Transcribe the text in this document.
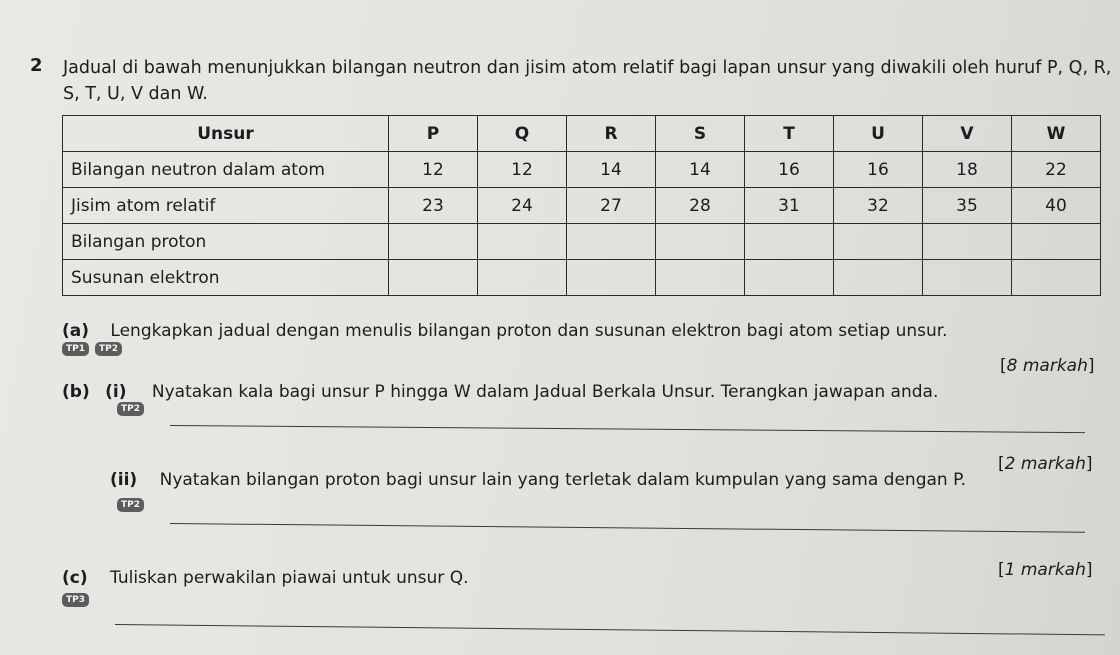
2 Jadual di bawah menunjukkan bilangan neutron dan jisim atom relatif bagi lapan unsur yang diwakili oleh huruf P, Q, R, S, T, U, V dan W.
Unsur	P	Q	R	S	T	U	V	W
Bilangan neutron dalam atom	12	12	14	14	16	16	18	22
Jisim atom relatif	23	24	27	28	31	32	35	40
Bilangan proton								
Susunan elektron								
(a) Lengkapkan jadual dengan menulis bilangan proton dan susunan elektron bagi atom setiap unsur.
TP1	TP2
[8 markah]
(b) (i) Nyatakan kala bagi unsur P hingga W dalam Jadual Berkala Unsur. Terangkan jawapan anda.
TP2
[2 markah]
(ii) Nyatakan bilangan proton bagi unsur lain yang terletak dalam kumpulan yang sama dengan P.
TP2
[1 markah]
(c) Tuliskan perwakilan piawai untuk unsur Q.
TP3
